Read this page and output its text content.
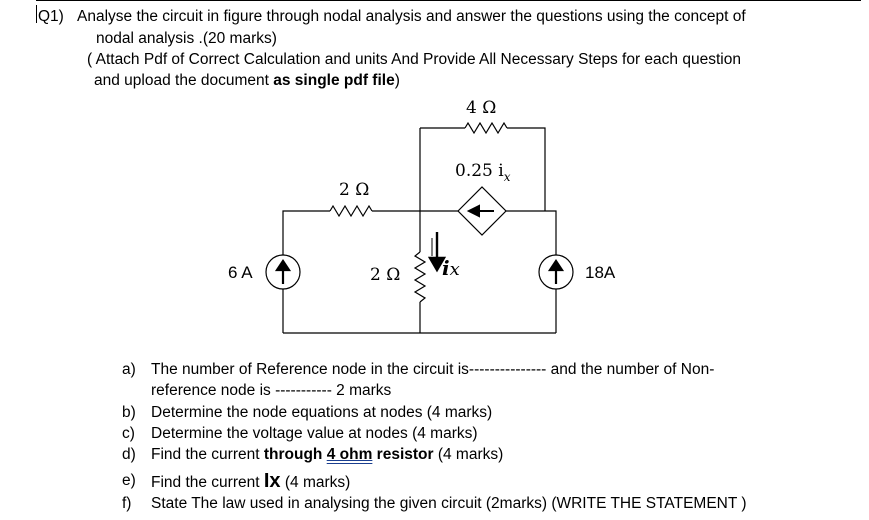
Q1) Analyse the circuit in figure through nodal analysis and answer the questions using the concept of
nodal analysis .(20 marks)
( Attach Pdf of Correct Calculation and units And Provide All Necessary Steps for each question
and upload the document as single pdf file)
4 Ω
2 Ω
2 Ω
0.25 $i_x$
ix
6 A	18A
a) The number of Reference node in the circuit is--------------- and the number of Non-
reference node is ----------- 2 marks
b) Determine the node equations at nodes (4 marks)
c) Determine the voltage value at nodes (4 marks)
d) Find the current through 4 ohm resistor (4 marks)
e) Find the current Ix (4 marks)
f) State The law used in analysing the given circuit (2marks) (WRITE THE STATEMENT )
